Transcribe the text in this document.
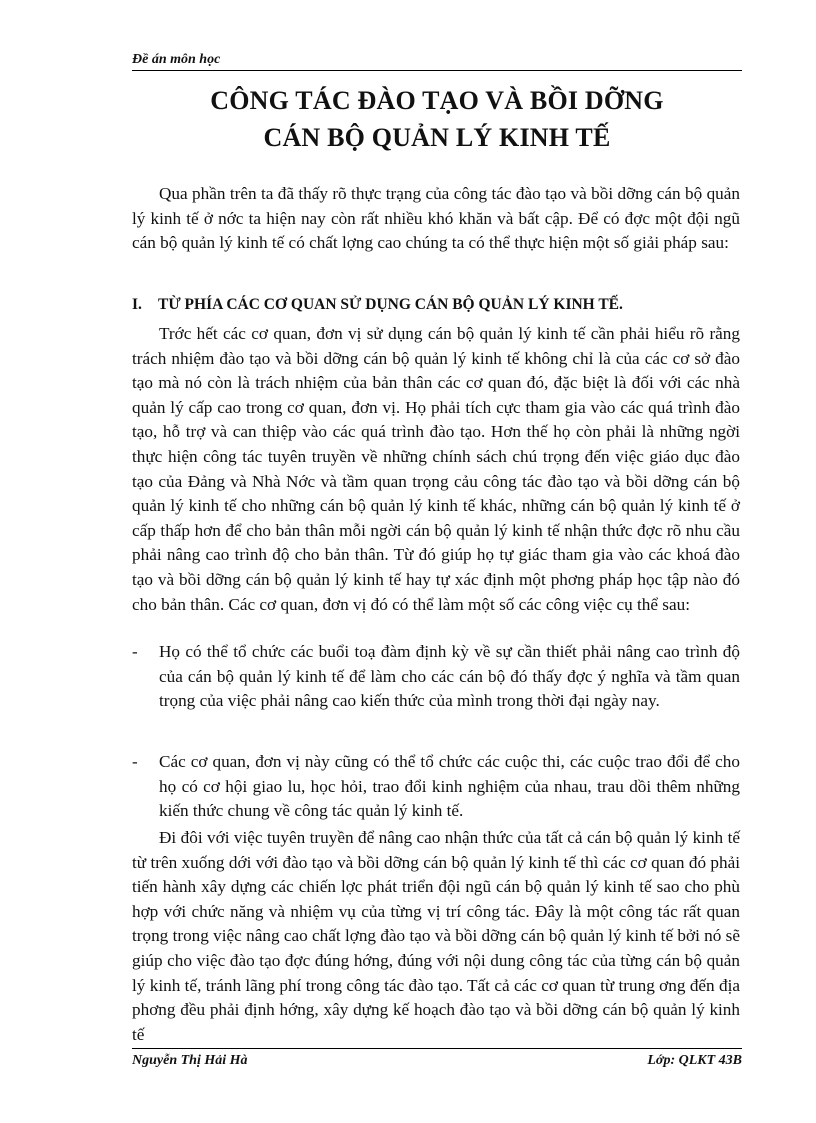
Đề án môn học
CÔNG TÁC ĐÀO TẠO VÀ BỒI DỠNG
CÁN BỘ QUẢN LÝ KINH TẾ
Qua phần trên ta đã thấy rõ thực trạng của công tác đào tạo và bồi dỡng cán bộ quản lý kinh tế ở nớc ta hiện nay còn rất nhiều khó khăn và bất cập. Để có đợc một đội ngũ cán bộ quản lý kinh tế có chất lợng cao chúng ta có thể thực hiện một số giải pháp sau:
I. TỪ PHÍA CÁC CƠ QUAN SỬ DỤNG CÁN BỘ QUẢN LÝ KINH TẾ.
Trớc hết các cơ quan, đơn vị sử dụng cán bộ quản lý kinh tế cần phải hiểu rõ rằng trách nhiệm đào tạo và bồi dỡng cán bộ quản lý kinh tế không chỉ là của các cơ sở đào tạo mà nó còn là trách nhiệm của bản thân các cơ quan đó, đặc biệt là đối với các nhà quản lý cấp cao trong cơ quan, đơn vị. Họ phải tích cực tham gia vào các quá trình đào tạo, hỗ trợ và can thiệp vào các quá trình đào tạo. Hơn thế họ còn phải là những ngời thực hiện công tác tuyên truyền về những chính sách chú trọng đến việc giáo dục đào tạo của Đảng và Nhà Nớc và tầm quan trọng cảu công tác đào tạo và bồi dỡng cán bộ quản lý kinh tế cho những cán bộ quản lý kinh tế khác, những cán bộ quản lý kinh tế ở cấp thấp hơn để cho bản thân mỗi ngời cán bộ quản lý kinh tế nhận thức đợc rõ nhu cầu phải nâng cao trình độ cho bản thân. Từ đó giúp họ tự giác tham gia vào các khoá đào tạo và bồi dỡng cán bộ quản lý kinh tế hay tự xác định một phơng pháp học tập nào đó cho bản thân. Các cơ quan, đơn vị đó có thể làm một số các công việc cụ thể sau:
- Họ có thể tổ chức các buổi toạ đàm định kỳ về sự cần thiết phải nâng cao trình độ của cán bộ quản lý kinh tế để làm cho các cán bộ đó thấy đợc ý nghĩa và tầm quan trọng của việc phải nâng cao kiến thức của mình trong thời đại ngày nay.
- Các cơ quan, đơn vị này cũng có thể tổ chức các cuộc thi, các cuộc trao đổi để cho họ có cơ hội giao lu, học hỏi, trao đổi kinh nghiệm của nhau, trau dồi thêm những kiến thức chung về công tác quản lý kinh tế.
Đi đôi với việc tuyên truyền để nâng cao nhận thức của tất cả cán bộ quản lý kinh tế từ trên xuống dới với đào tạo và bồi dỡng cán bộ quản lý kinh tế thì các cơ quan đó phải tiến hành xây dựng các chiến lợc phát triển đội ngũ cán bộ quản lý kinh tế sao cho phù hợp với chức năng và nhiệm vụ của từng vị trí công tác. Đây là một công tác rất quan trọng trong việc nâng cao chất lợng đào tạo và bồi dỡng cán bộ quản lý kinh tế bởi nó sẽ giúp cho việc đào tạo đợc đúng hớng, đúng với nội dung công tác của từng cán bộ quản lý kinh tế, tránh lãng phí trong công tác đào tạo. Tất cả các cơ quan từ trung ơng đến địa phơng đều phải định hớng, xây dựng kế hoạch đào tạo và bồi dỡng cán bộ quản lý kinh tế
Nguyễn Thị Hải Hà	Lớp: QLKT 43B
